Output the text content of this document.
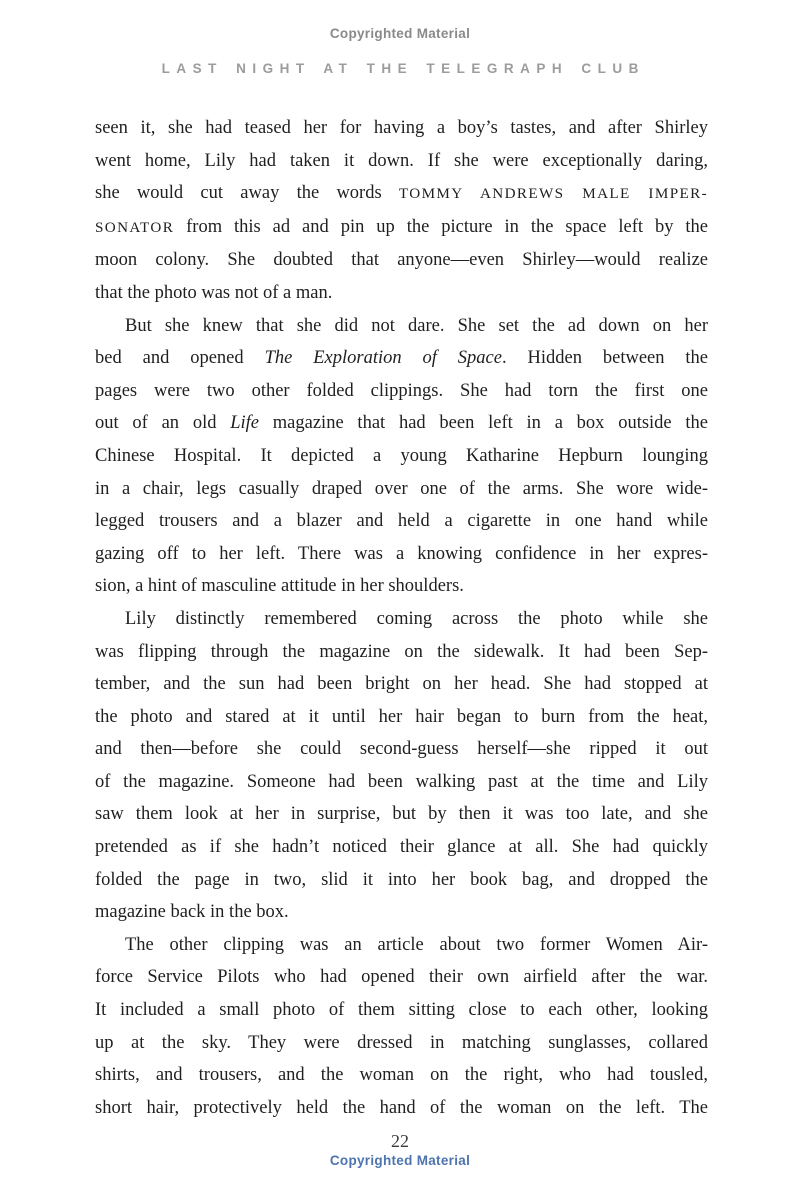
Copyrighted Material
LAST NIGHT AT THE TELEGRAPH CLUB
seen it, she had teased her for having a boy’s tastes, and after Shirley
went home, Lily had taken it down. If she were exceptionally daring,
she would cut away the words TOMMY ANDREWS MALE IMPER-
SONATOR from this ad and pin up the picture in the space left by the
moon colony. She doubted that anyone—even Shirley—would realize
that the photo was not of a man.
But she knew that she did not dare. She set the ad down on her
bed and opened The Exploration of Space. Hidden between the
pages were two other folded clippings. She had torn the first one
out of an old Life magazine that had been left in a box outside the
Chinese Hospital. It depicted a young Katharine Hepburn lounging
in a chair, legs casually draped over one of the arms. She wore wide-
legged trousers and a blazer and held a cigarette in one hand while
gazing off to her left. There was a knowing confidence in her expres-
sion, a hint of masculine attitude in her shoulders.
Lily distinctly remembered coming across the photo while she
was flipping through the magazine on the sidewalk. It had been Sep-
tember, and the sun had been bright on her head. She had stopped at
the photo and stared at it until her hair began to burn from the heat,
and then—before she could second-guess herself—she ripped it out
of the magazine. Someone had been walking past at the time and Lily
saw them look at her in surprise, but by then it was too late, and she
pretended as if she hadn’t noticed their glance at all. She had quickly
folded the page in two, slid it into her book bag, and dropped the
magazine back in the box.
The other clipping was an article about two former Women Air-
force Service Pilots who had opened their own airfield after the war.
It included a small photo of them sitting close to each other, looking
up at the sky. They were dressed in matching sunglasses, collared
shirts, and trousers, and the woman on the right, who had tousled,
short hair, protectively held the hand of the woman on the left. The
22
Copyrighted Material
